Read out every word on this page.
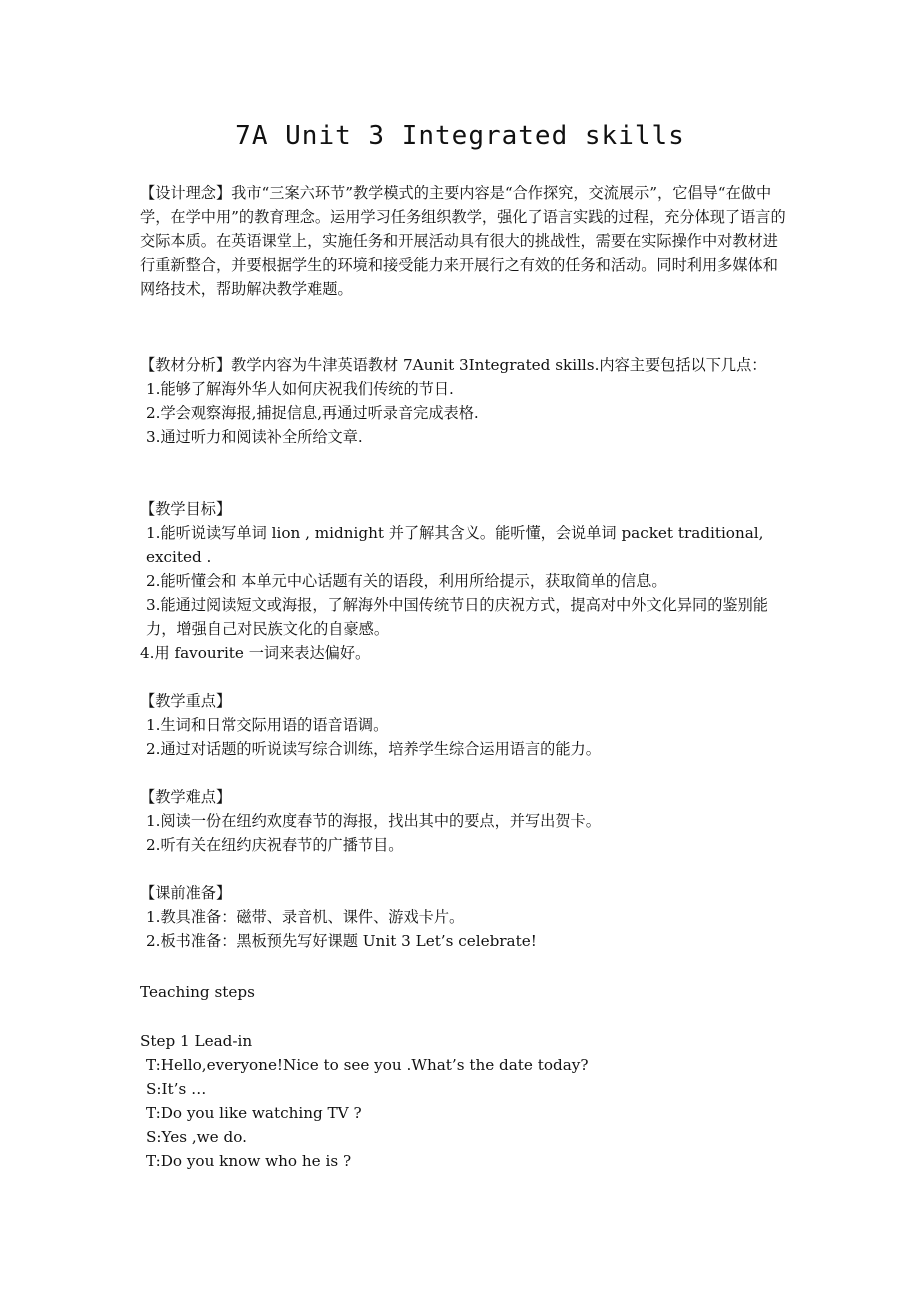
7A Unit 3 Integrated skills

【设计理念】我市“三案六环节”教学模式的主要内容是“合作探究，交流展示”，它倡导“在做中学，在学中用”的教育理念。运用学习任务组织教学，强化了语言实践的过程，充分体现了语言的交际本质。在英语课堂上，实施任务和开展活动具有很大的挑战性，需要在实际操作中对教材进行重新整合，并要根据学生的环境和接受能力来开展行之有效的任务和活动。同时利用多媒体和网络技术，帮助解决教学难题。

【教材分析】教学内容为牛津英语教材 7Aunit 3Integrated skills.内容主要包括以下几点：

1.能够了解海外华人如何庆祝我们传统的节日.
2.学会观察海报,捕捉信息,再通过听录音完成表格.
3.通过听力和阅读补全所给文章.
【教学目标】
1.能听说读写单词 lion , midnight 并了解其含义。能听懂，会说单词 packet traditional, excited .
2.能听懂会和 本单元中心话题有关的语段，利用所给提示，获取简单的信息。
3.能通过阅读短文或海报，了解海外中国传统节日的庆祝方式，提高对中外文化异同的鉴别能力，增强自己对民族文化的自豪感。
4.用 favourite 一词来表达偏好。
【教学重点】
1.生词和日常交际用语的语音语调。
2.通过对话题的听说读写综合训练，培养学生综合运用语言的能力。
【教学难点】
1.阅读一份在纽约欢度春节的海报，找出其中的要点，并写出贺卡。
2.听有关在纽约庆祝春节的广播节目。
【课前准备】
1.教具准备：磁带、录音机、课件、游戏卡片。
2.板书准备：黑板预先写好课题 Unit 3 Let’s celebrate!
Teaching steps
Step 1 Lead-in
T:Hello,everyone!Nice to see you .What’s the date today?
S:It’s …
T:Do you like watching TV ?
S:Yes ,we do.
T:Do you know who he is ?
